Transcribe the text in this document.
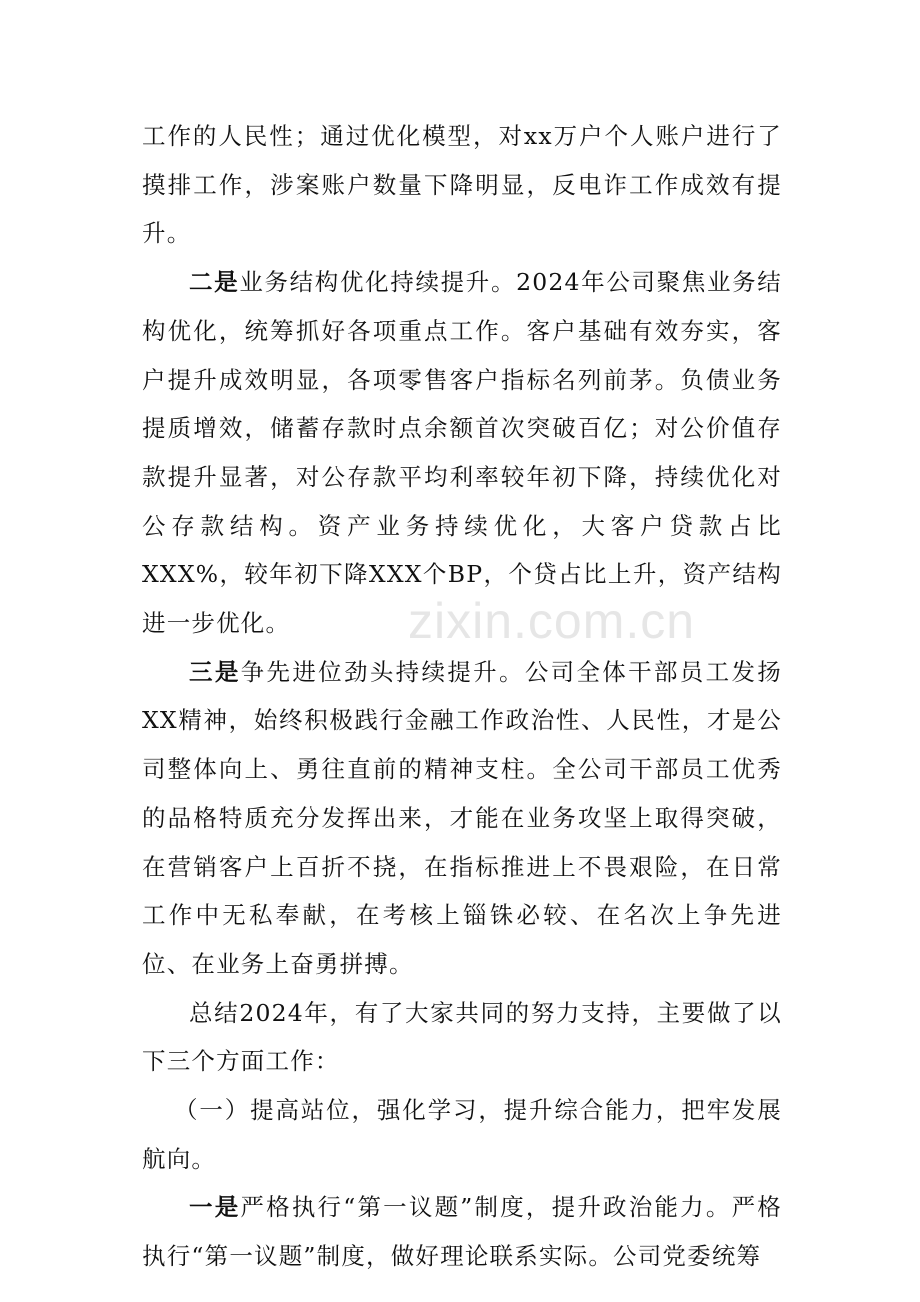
工作的人民性；通过优化模型，对xx万户个人账户进行了摸排工作，涉案账户数量下降明显，反电诈工作成效有提升。

二是业务结构优化持续提升。2024年公司聚焦业务结构优化，统筹抓好各项重点工作。客户基础有效夯实，客户提升成效明显，各项零售客户指标名列前茅。负债业务提质增效，储蓄存款时点余额首次突破百亿；对公价值存款提升显著，对公存款平均利率较年初下降，持续优化对公存款结构。资产业务持续优化，大客户贷款占比XXX%，较年初下降XXX个BP，个贷占比上升，资产结构进一步优化。

三是争先进位劲头持续提升。公司全体干部员工发扬XX精神，始终积极践行金融工作政治性、人民性，才是公司整体向上、勇往直前的精神支柱。全公司干部员工优秀的品格特质充分发挥出来，才能在业务攻坚上取得突破，在营销客户上百折不挠，在指标推进上不畏艰险，在日常工作中无私奉献，在考核上锱铢必较、在名次上争先进位、在业务上奋勇拼搏。

总结2024年，有了大家共同的努力支持，主要做了以下三个方面工作：

（一）提高站位，强化学习，提升综合能力，把牢发展航向。

一是严格执行“第一议题”制度，提升政治能力。严格执行“第一议题”制度，做好理论联系实际。公司党委统筹

zixin.com.cn
